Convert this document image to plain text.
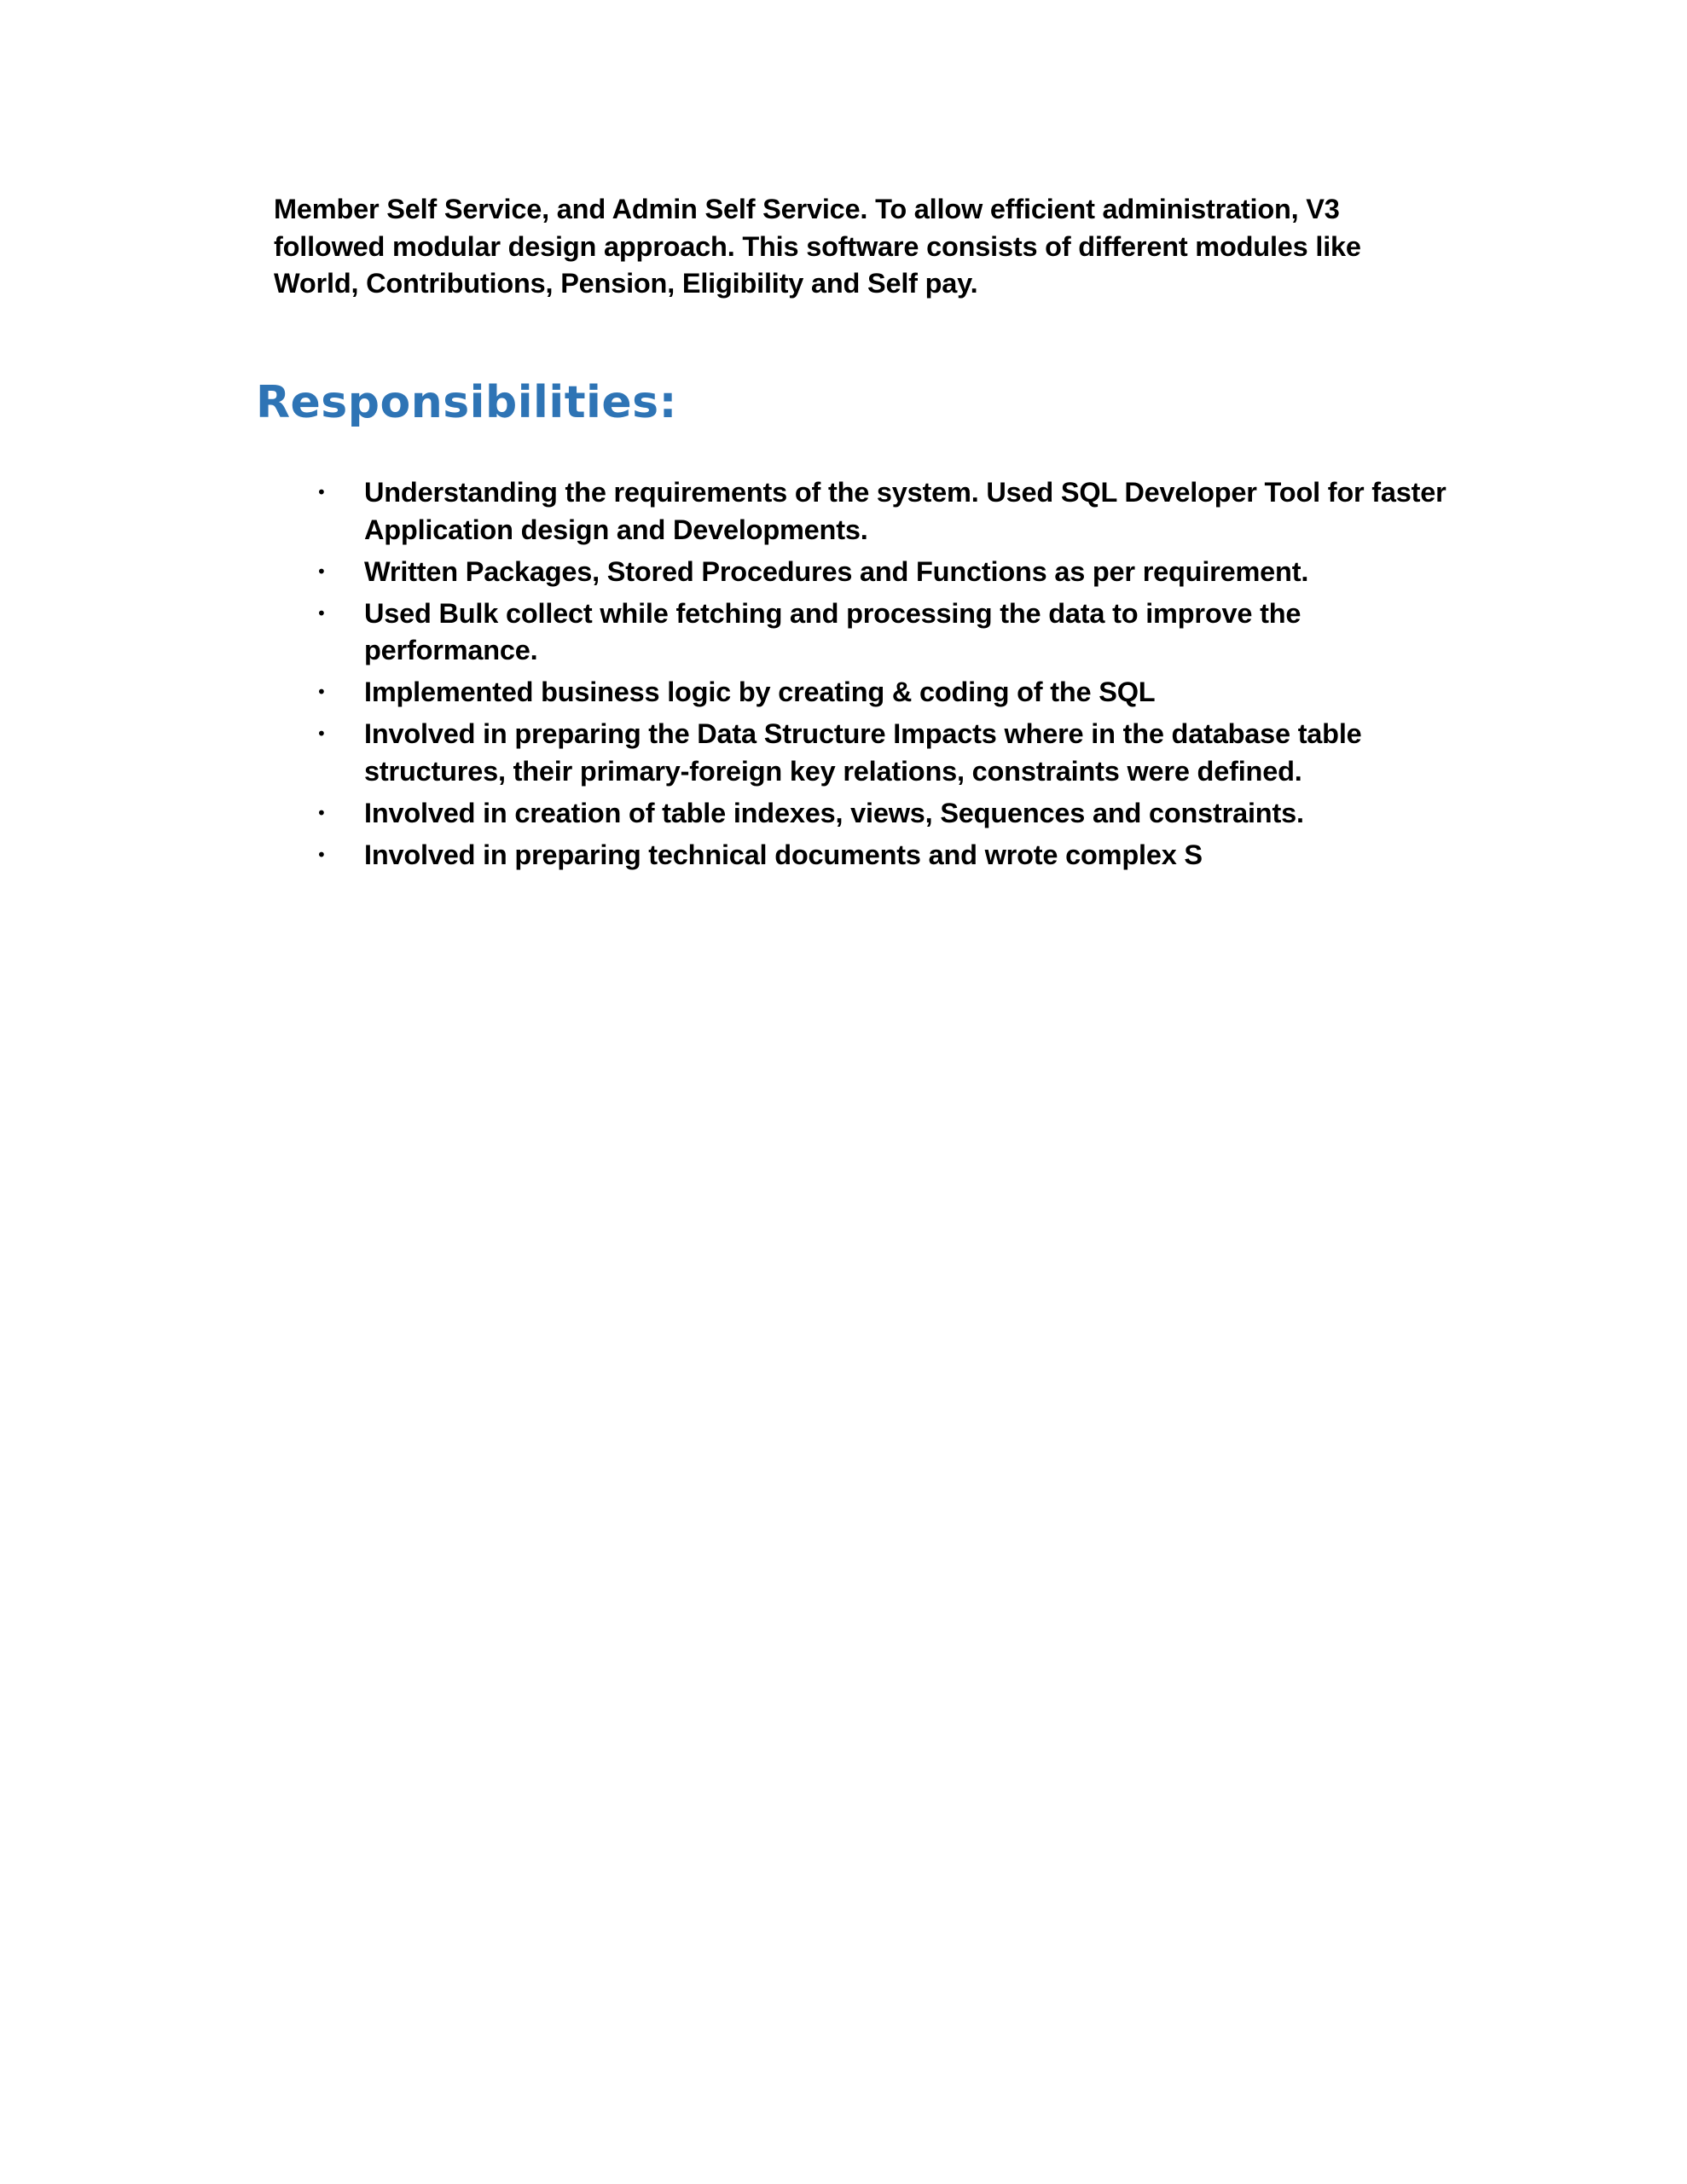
Member Self Service, and Admin Self Service. To allow efficient administration, V3
followed modular design approach. This software consists of different modules like
World, Contributions, Pension, Eligibility and Self pay.

Responsibilities:
• Understanding the requirements of the system. Used SQL Developer Tool for faster
Application design and Developments.
• Written Packages, Stored Procedures and Functions as per requirement.
• Used Bulk collect while fetching and processing the data to improve the
performance.
• Implemented business logic by creating & coding of the SQL
• Involved in preparing the Data Structure Impacts where in the database table
structures, their primary-foreign key relations, constraints were defined.
• Involved in creation of table indexes, views, Sequences and constraints.
• Involved in preparing technical documents and wrote complex S
